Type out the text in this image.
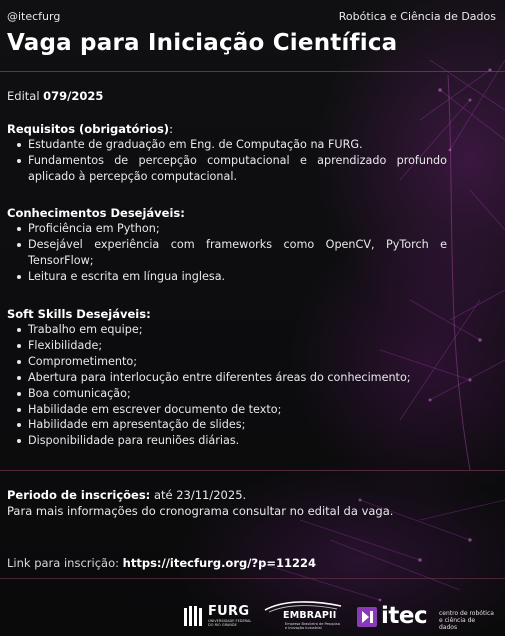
@itecfurg	Robótica e Ciência de Dados
Vaga para Iniciação Científica
Edital 079/2025
Requisitos (obrigatórios):
Estudante de graduação em Eng. de Computação na FURG.
Fundamentos de percepção computacional e aprendizado profundo aplicado à percepção computacional.
Conhecimentos Desejáveis:
Proficiência em Python;
Desejável experiência com frameworks como OpenCV, PyTorch e TensorFlow;
Leitura e escrita em língua inglesa.
Soft Skills Desejáveis:
Trabalho em equipe;
Flexibilidade;
Comprometimento;
Abertura para interlocução entre diferentes áreas do conhecimento;
Boa comunicação;
Habilidade em escrever documento de texto;
Habilidade em apresentação de slides;
Disponibilidade para reuniões diárias.
Periodo de inscrições: até 23/11/2025.
Para mais informações do cronograma consultar no edital da vaga.
Link para inscrição: https://itecfurg.org/?p=11224
FURG
UNIVERSIDADE FEDERAL DO RIO GRANDE
EMBRAPII
Empresa Brasileira de Pesquisa e Inovação Industrial	itec centro de robótica e ciência de dados
